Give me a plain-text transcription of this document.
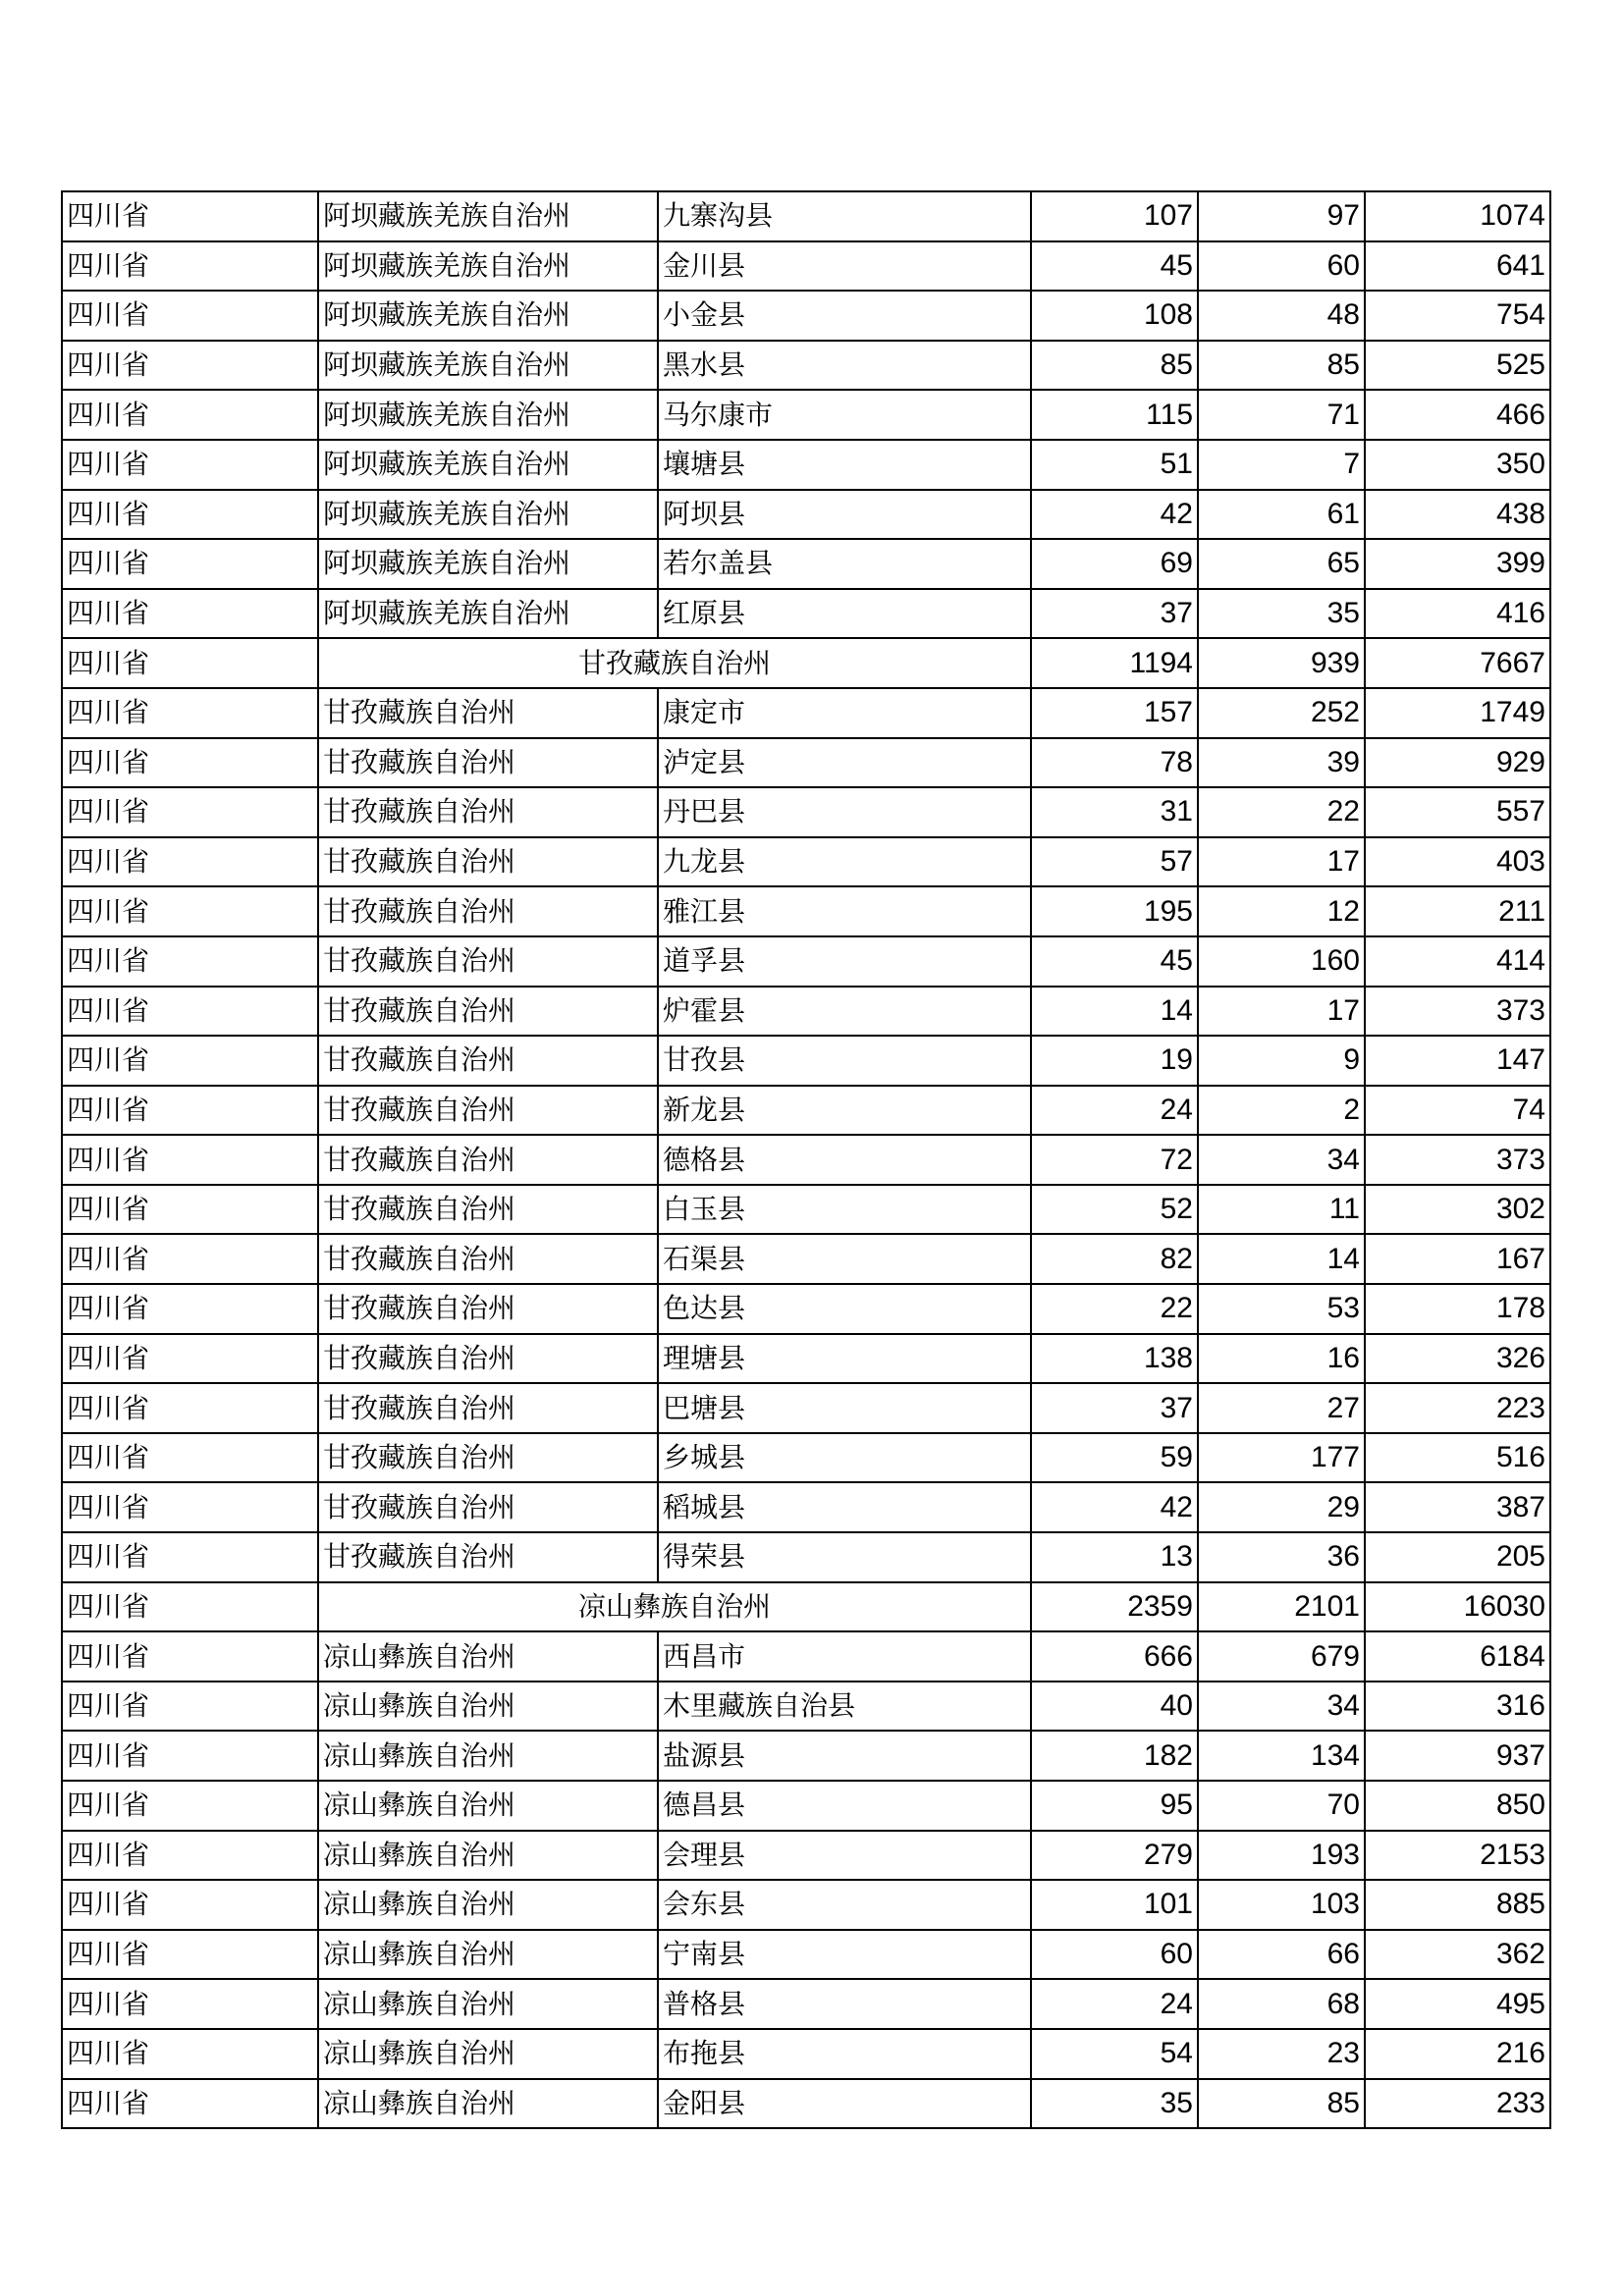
四川省	阿坝藏族羌族自治州	九寨沟县	107	97	1074
四川省	阿坝藏族羌族自治州	金川县	45	60	641
四川省	阿坝藏族羌族自治州	小金县	108	48	754
四川省	阿坝藏族羌族自治州	黑水县	85	85	525
四川省	阿坝藏族羌族自治州	马尔康市	115	71	466
四川省	阿坝藏族羌族自治州	壤塘县	51	7	350
四川省	阿坝藏族羌族自治州	阿坝县	42	61	438
四川省	阿坝藏族羌族自治州	若尔盖县	69	65	399
四川省	阿坝藏族羌族自治州	红原县	37	35	416
四川省	甘孜藏族自治州		1194	939	7667
四川省	甘孜藏族自治州	康定市	157	252	1749
四川省	甘孜藏族自治州	泸定县	78	39	929
四川省	甘孜藏族自治州	丹巴县	31	22	557
四川省	甘孜藏族自治州	九龙县	57	17	403
四川省	甘孜藏族自治州	雅江县	195	12	211
四川省	甘孜藏族自治州	道孚县	45	160	414
四川省	甘孜藏族自治州	炉霍县	14	17	373
四川省	甘孜藏族自治州	甘孜县	19	9	147
四川省	甘孜藏族自治州	新龙县	24	2	74
四川省	甘孜藏族自治州	德格县	72	34	373
四川省	甘孜藏族自治州	白玉县	52	11	302
四川省	甘孜藏族自治州	石渠县	82	14	167
四川省	甘孜藏族自治州	色达县	22	53	178
四川省	甘孜藏族自治州	理塘县	138	16	326
四川省	甘孜藏族自治州	巴塘县	37	27	223
四川省	甘孜藏族自治州	乡城县	59	177	516
四川省	甘孜藏族自治州	稻城县	42	29	387
四川省	甘孜藏族自治州	得荣县	13	36	205
四川省	凉山彝族自治州		2359	2101	16030
四川省	凉山彝族自治州	西昌市	666	679	6184
四川省	凉山彝族自治州	木里藏族自治县	40	34	316
四川省	凉山彝族自治州	盐源县	182	134	937
四川省	凉山彝族自治州	德昌县	95	70	850
四川省	凉山彝族自治州	会理县	279	193	2153
四川省	凉山彝族自治州	会东县	101	103	885
四川省	凉山彝族自治州	宁南县	60	66	362
四川省	凉山彝族自治州	普格县	24	68	495
四川省	凉山彝族自治州	布拖县	54	23	216
四川省	凉山彝族自治州	金阳县	35	85	233
